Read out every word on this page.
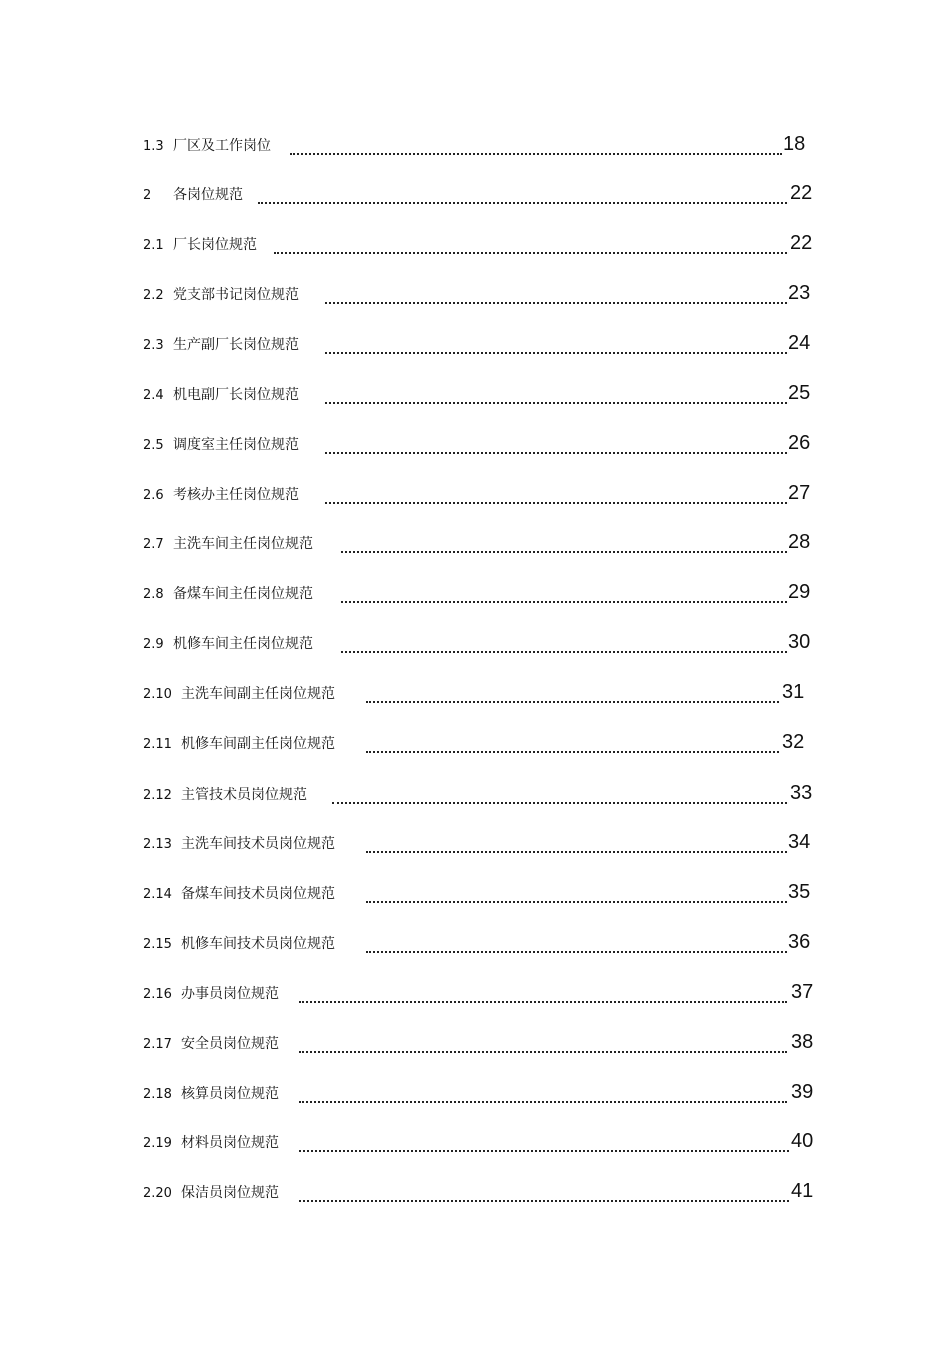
1.3 厂区及工作岗位	18
2 各岗位规范	22
2.1 厂长岗位规范	22
2.2 党支部书记岗位规范	23
2.3 生产副厂长岗位规范	24
2.4 机电副厂长岗位规范	25
2.5 调度室主任岗位规范	26
2.6 考核办主任岗位规范	27
2.7 主洗车间主任岗位规范	28
2.8 备煤车间主任岗位规范	29
2.9 机修车间主任岗位规范	30
2.10 主洗车间副主任岗位规范	31
2.11 机修车间副主任岗位规范	32
2.12 主管技术员岗位规范	33
2.13 主洗车间技术员岗位规范	34
2.14 备煤车间技术员岗位规范	35
2.15 机修车间技术员岗位规范	36
2.16 办事员岗位规范	37
2.17 安全员岗位规范	38
2.18 核算员岗位规范	39
2.19 材料员岗位规范	40
2.20 保洁员岗位规范	41
